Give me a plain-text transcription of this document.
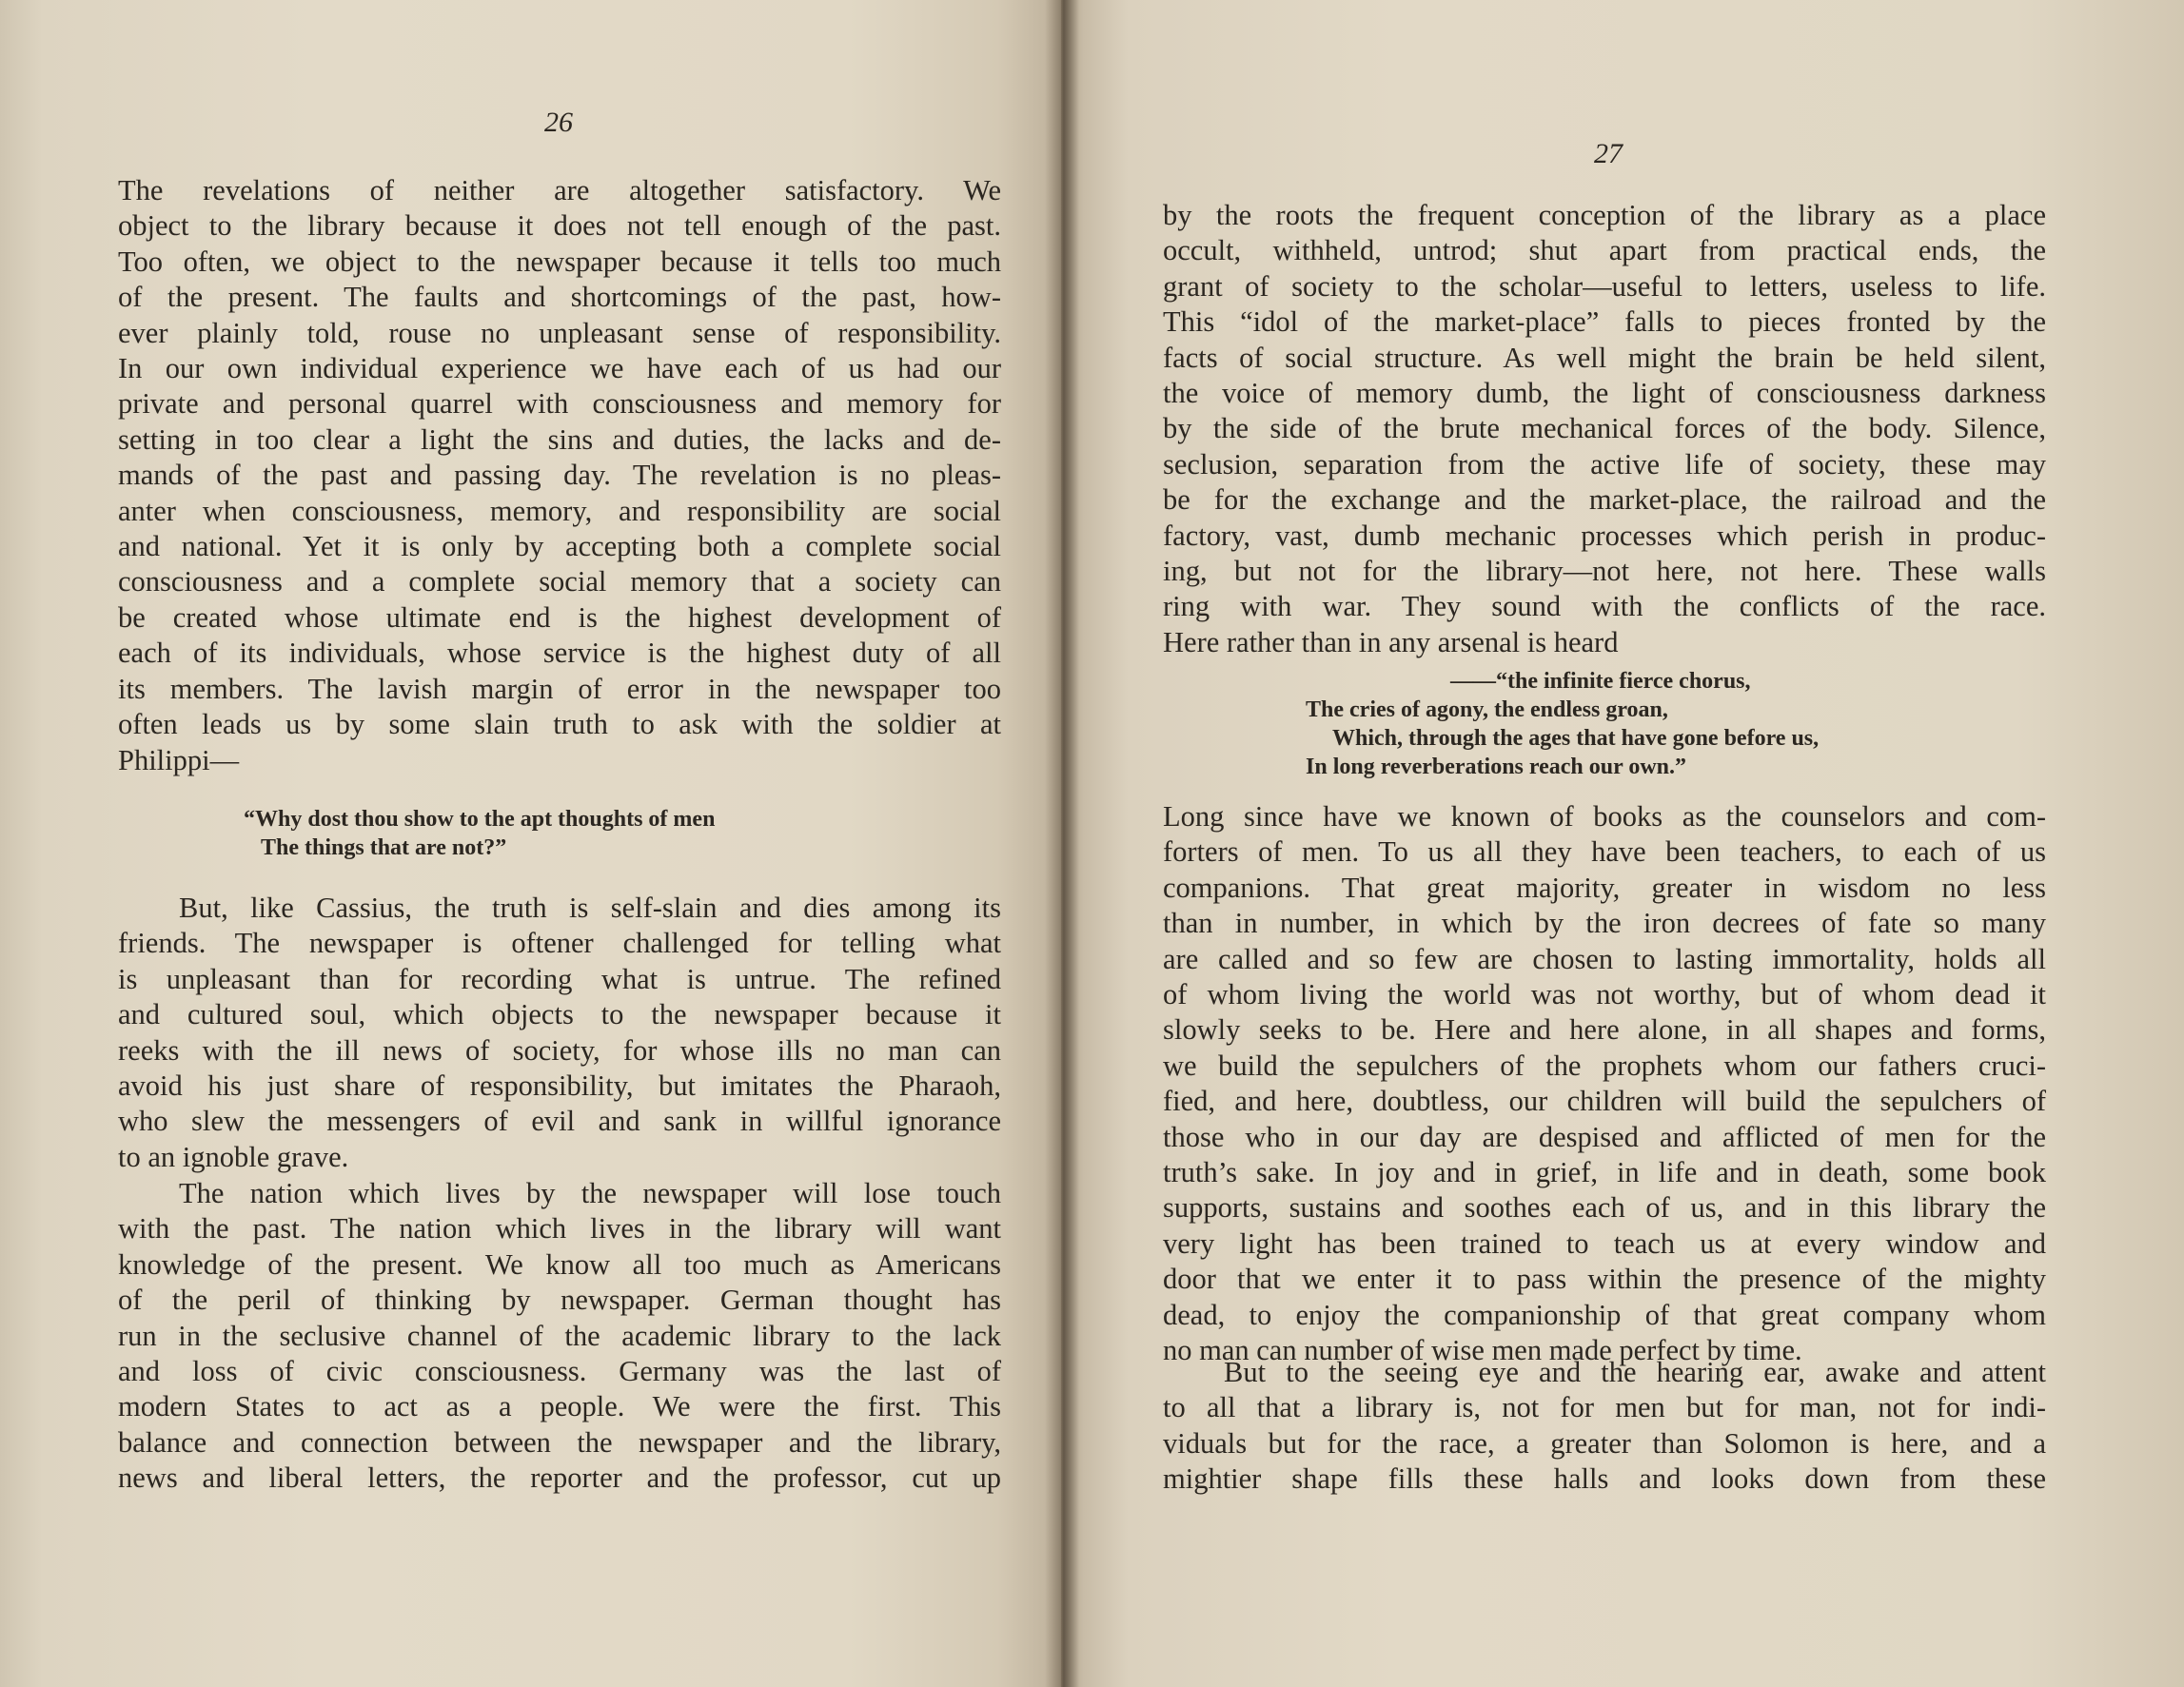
26
The revelations of neither are altogether satisfactory. We
object to the library because it does not tell enough of the past.
Too often, we object to the newspaper because it tells too much
of the present. The faults and shortcomings of the past, how-
ever plainly told, rouse no unpleasant sense of responsibility.
In our own individual experience we have each of us had our
private and personal quarrel with consciousness and memory for
setting in too clear a light the sins and duties, the lacks and de-
mands of the past and passing day. The revelation is no pleas-
anter when consciousness, memory, and responsibility are social
and national. Yet it is only by accepting both a complete social
consciousness and a complete social memory that a society can
be created whose ultimate end is the highest development of
each of its individuals, whose service is the highest duty of all
its members. The lavish margin of error in the newspaper too
often leads us by some slain truth to ask with the soldier at
Philippi—
“Why dost thou show to the apt thoughts of men
The things that are not?”
But, like Cassius, the truth is self-slain and dies among its
friends. The newspaper is oftener challenged for telling what
is unpleasant than for recording what is untrue. The refined
and cultured soul, which objects to the newspaper because it
reeks with the ill news of society, for whose ills no man can
avoid his just share of responsibility, but imitates the Pharaoh,
who slew the messengers of evil and sank in willful ignorance
to an ignoble grave.
The nation which lives by the newspaper will lose touch
with the past. The nation which lives in the library will want
knowledge of the present. We know all too much as Americans
of the peril of thinking by newspaper. German thought has
run in the seclusive channel of the academic library to the lack
and loss of civic consciousness. Germany was the last of
modern States to act as a people. We were the first. This
balance and connection between the newspaper and the library,
news and liberal letters, the reporter and the professor, cut up
27
by the roots the frequent conception of the library as a place
occult, withheld, untrod; shut apart from practical ends, the
grant of society to the scholar—useful to letters, useless to life.
This “idol of the market-place” falls to pieces fronted by the
facts of social structure. As well might the brain be held silent,
the voice of memory dumb, the light of consciousness darkness
by the side of the brute mechanical forces of the body. Silence,
seclusion, separation from the active life of society, these may
be for the exchange and the market-place, the railroad and the
factory, vast, dumb mechanic processes which perish in produc-
ing, but not for the library—not here, not here. These walls
ring with war. They sound with the conflicts of the race.
Here rather than in any arsenal is heard
——“the infinite fierce chorus,
The cries of agony, the endless groan,
Which, through the ages that have gone before us,
In long reverberations reach our own.”
Long since have we known of books as the counselors and com-
forters of men. To us all they have been teachers, to each of us
companions. That great majority, greater in wisdom no less
than in number, in which by the iron decrees of fate so many
are called and so few are chosen to lasting immortality, holds all
of whom living the world was not worthy, but of whom dead it
slowly seeks to be. Here and here alone, in all shapes and forms,
we build the sepulchers of the prophets whom our fathers cruci-
fied, and here, doubtless, our children will build the sepulchers of
those who in our day are despised and afflicted of men for the
truth’s sake. In joy and in grief, in life and in death, some book
supports, sustains and soothes each of us, and in this library the
very light has been trained to teach us at every window and
door that we enter it to pass within the presence of the mighty
dead, to enjoy the companionship of that great company whom
no man can number of wise men made perfect by time.
But to the seeing eye and the hearing ear, awake and attent
to all that a library is, not for men but for man, not for indi-
viduals but for the race, a greater than Solomon is here, and a
mightier shape fills these halls and looks down from these
